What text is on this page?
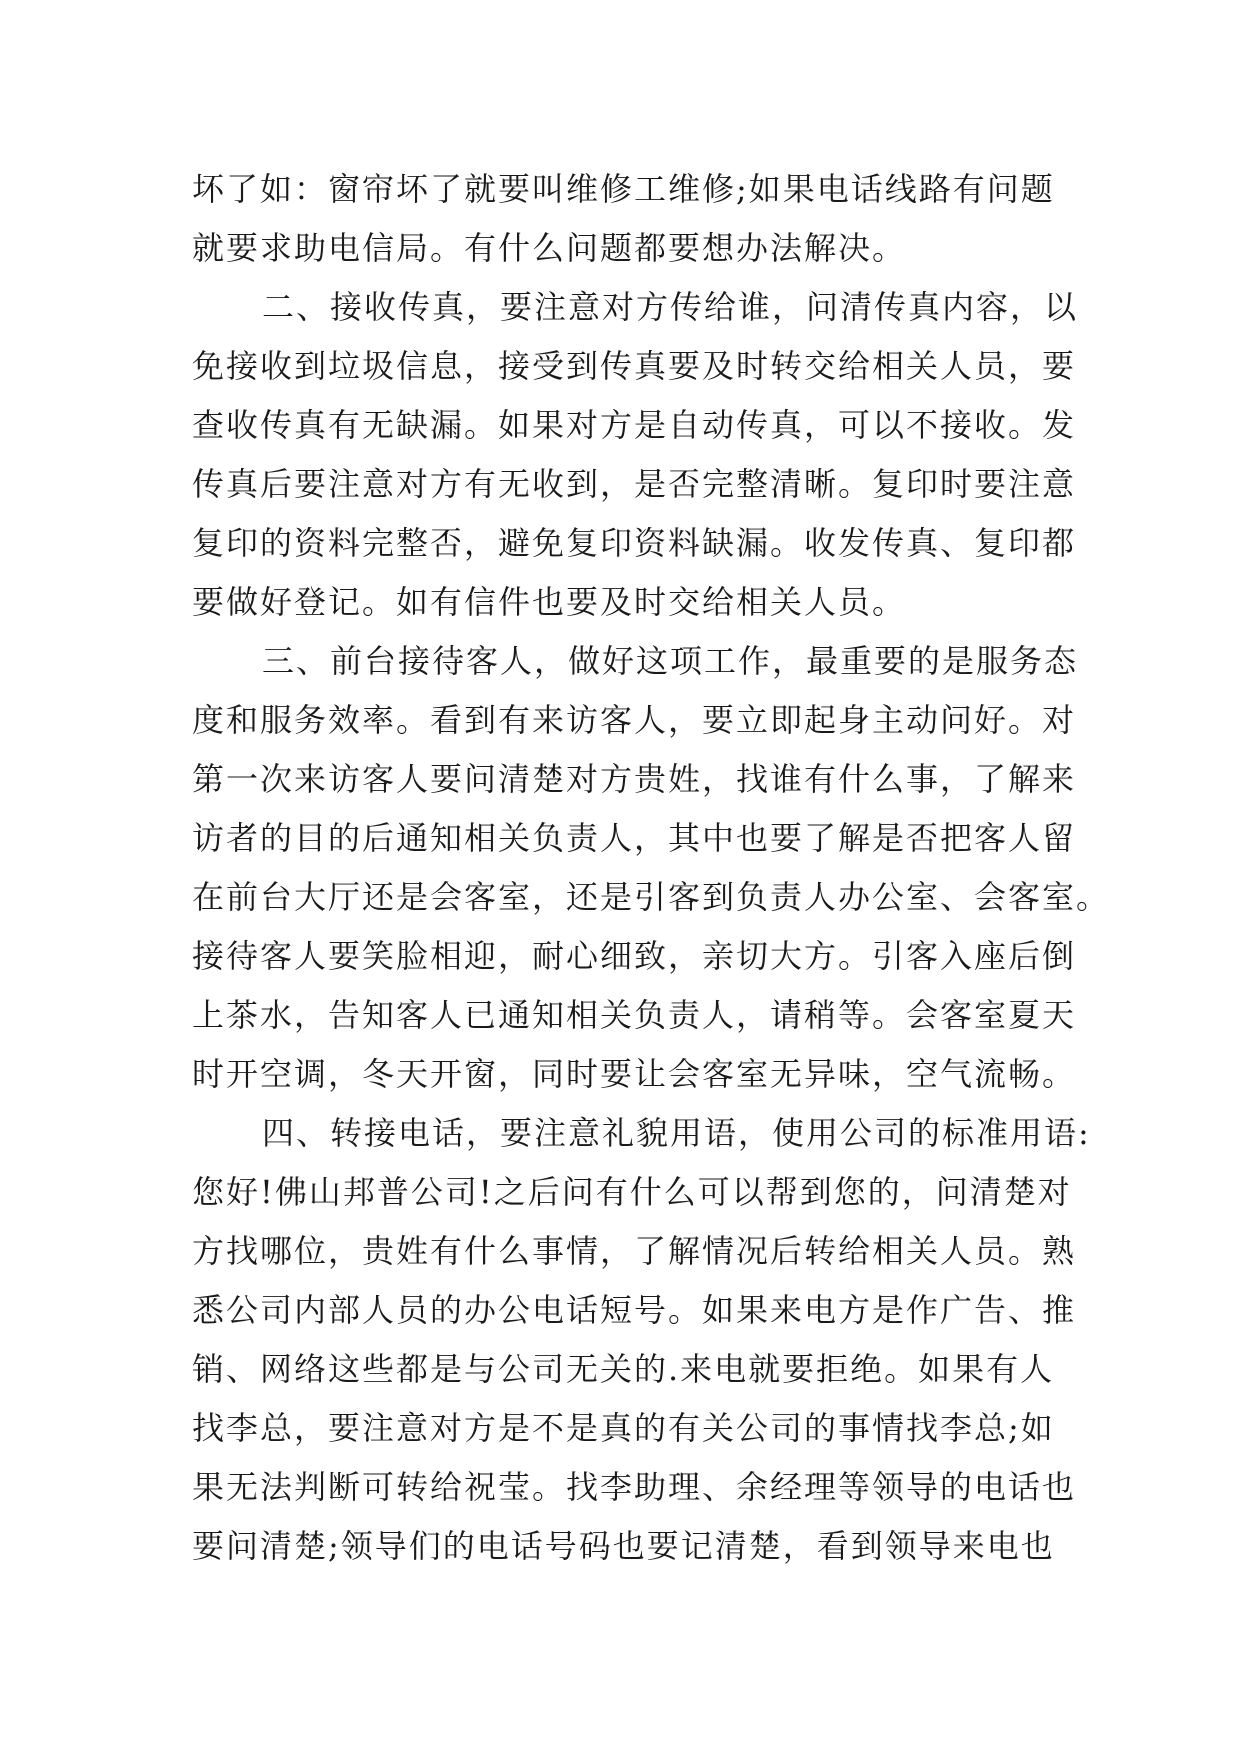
坏了如：窗帘坏了就要叫维修工维修;如果电话线路有问题
就要求助电信局。有什么问题都要想办法解决。
二、接收传真，要注意对方传给谁，问清传真内容，以
免接收到垃圾信息，接受到传真要及时转交给相关人员，要
查收传真有无缺漏。如果对方是自动传真，可以不接收。发
传真后要注意对方有无收到，是否完整清晰。复印时要注意
复印的资料完整否，避免复印资料缺漏。收发传真、复印都
要做好登记。如有信件也要及时交给相关人员。
三、前台接待客人，做好这项工作，最重要的是服务态
度和服务效率。看到有来访客人，要立即起身主动问好。对
第一次来访客人要问清楚对方贵姓，找谁有什么事，了解来
访者的目的后通知相关负责人，其中也要了解是否把客人留
在前台大厅还是会客室，还是引客到负责人办公室、会客室。
接待客人要笑脸相迎，耐心细致，亲切大方。引客入座后倒
上茶水，告知客人已通知相关负责人，请稍等。会客室夏天
时开空调，冬天开窗，同时要让会客室无异味，空气流畅。
四、转接电话，要注意礼貌用语，使用公司的标准用语:
您好!佛山邦普公司!之后问有什么可以帮到您的，问清楚对
方找哪位，贵姓有什么事情，了解情况后转给相关人员。熟
悉公司内部人员的办公电话短号。如果来电方是作广告、推
销、网络这些都是与公司无关的.来电就要拒绝。如果有人
找李总，要注意对方是不是真的有关公司的事情找李总;如
果无法判断可转给祝莹。找李助理、余经理等领导的电话也
要问清楚;领导们的电话号码也要记清楚，看到领导来电也
